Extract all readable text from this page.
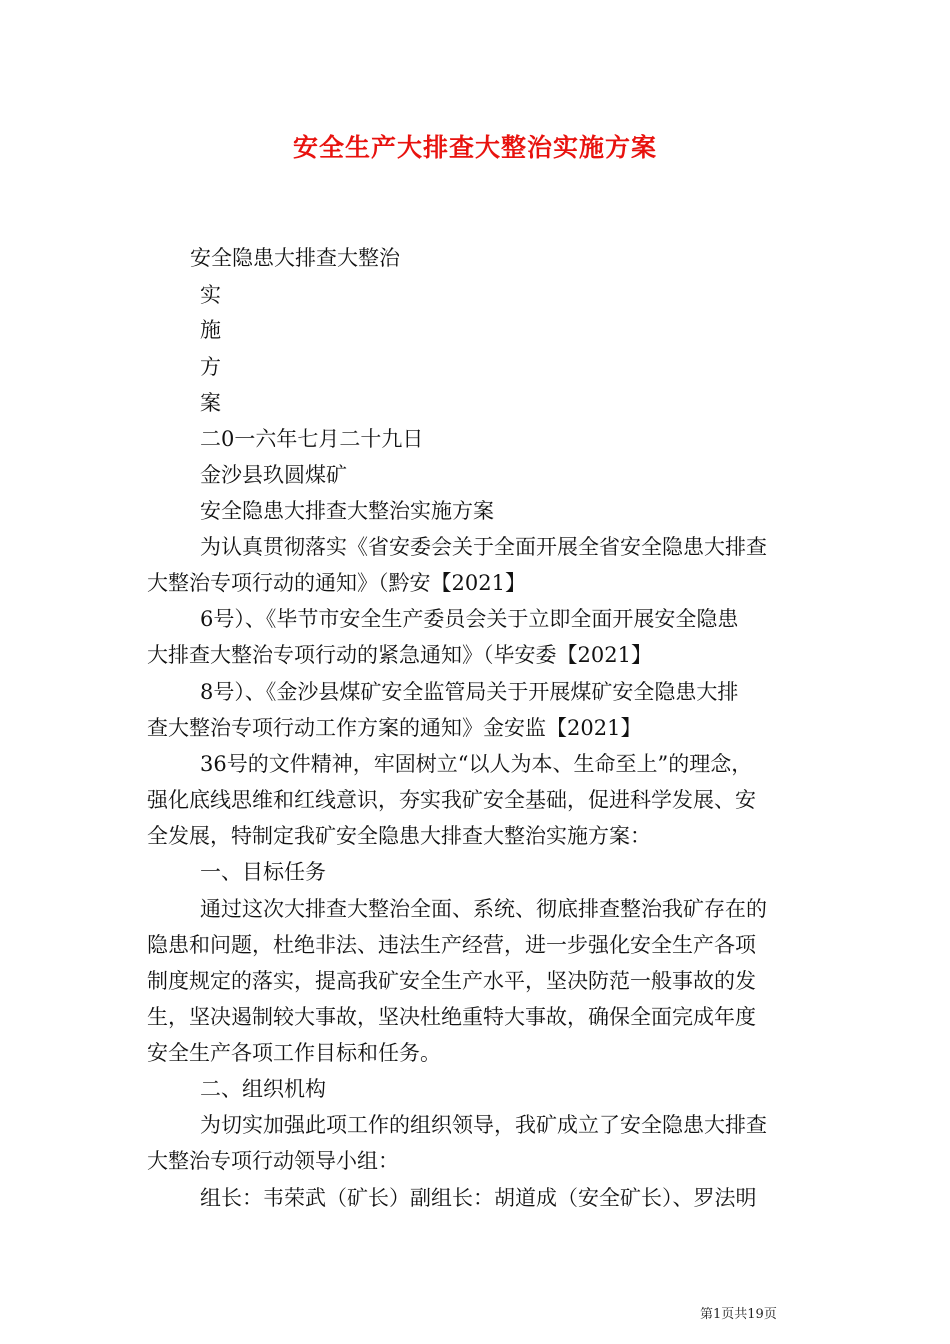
安全生产大排查大整治实施方案
安全隐患大排查大整治
实
施
方
案
二0一六年七月二十九日
金沙县玖圆煤矿
安全隐患大排查大整治实施方案
为认真贯彻落实《省安委会关于全面开展全省安全隐患大排查
大整治专项行动的通知》（黔安【2021】
6号）、《毕节市安全生产委员会关于立即全面开展安全隐患
大排查大整治专项行动的紧急通知》（毕安委【2021】
8号）、《金沙县煤矿安全监管局关于开展煤矿安全隐患大排
查大整治专项行动工作方案的通知》金安监【2021】
36号的文件精神，牢固树立“以人为本、生命至上”的理念，
强化底线思维和红线意识，夯实我矿安全基础，促进科学发展、安
全发展，特制定我矿安全隐患大排查大整治实施方案：
一、目标任务
通过这次大排查大整治全面、系统、彻底排查整治我矿存在的
隐患和问题，杜绝非法、违法生产经营，进一步强化安全生产各项
制度规定的落实，提高我矿安全生产水平，坚决防范一般事故的发
生，坚决遏制较大事故，坚决杜绝重特大事故，确保全面完成年度
安全生产各项工作目标和任务。
二、组织机构
为切实加强此项工作的组织领导，我矿成立了安全隐患大排查
大整治专项行动领导小组：
组长：韦荣武（矿长）副组长：胡道成（安全矿长）、罗法明
第1页共19页
